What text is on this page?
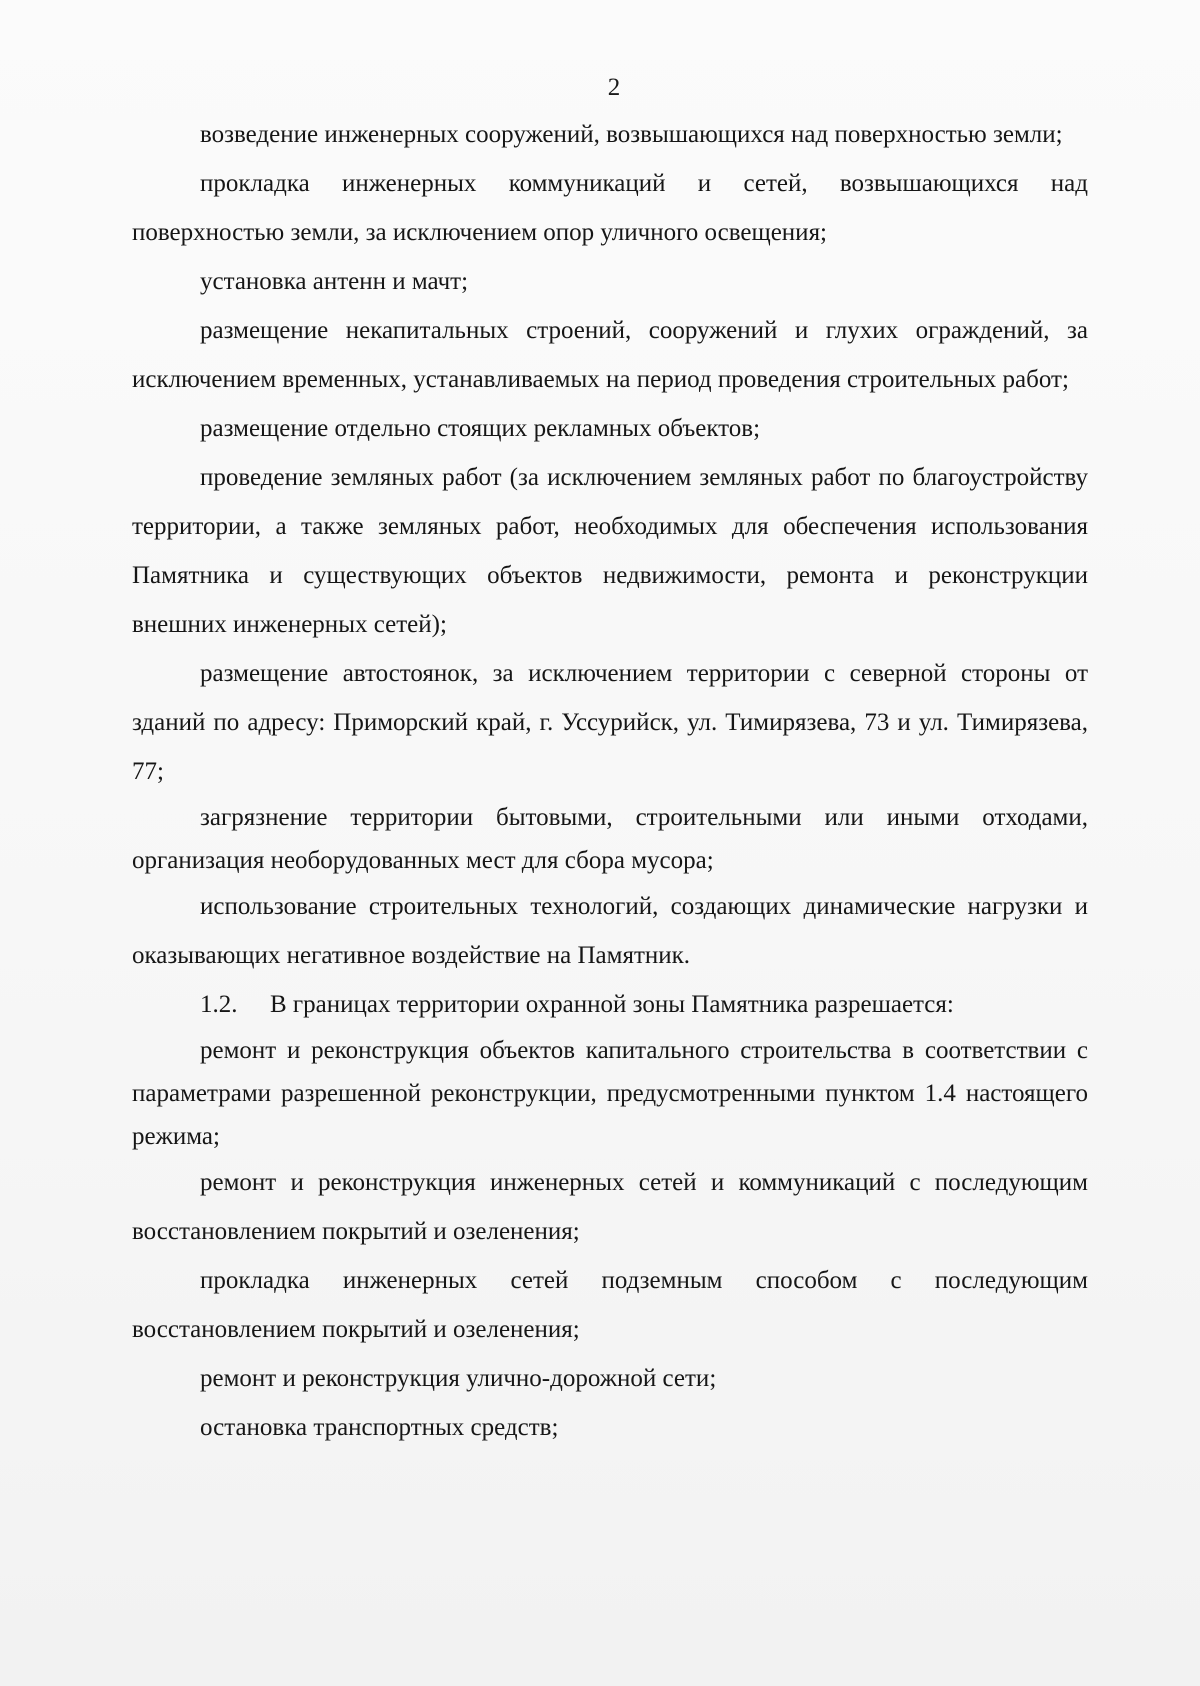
2

возведение инженерных сооружений, возвышающихся над поверхностью земли;

прокладка инженерных коммуникаций и сетей, возвышающихся над поверхностью земли, за исключением опор уличного освещения;

установка антенн и мачт;

размещение некапитальных строений, сооружений и глухих ограждений, за исключением временных, устанавливаемых на период проведения строительных работ;

размещение отдельно стоящих рекламных объектов;

проведение земляных работ (за исключением земляных работ по благоустройству территории, а также земляных работ, необходимых для обеспечения использования Памятника и существующих объектов недвижимости, ремонта и реконструкции внешних инженерных сетей);

размещение автостоянок, за исключением территории с северной стороны от зданий по адресу: Приморский край, г. Уссурийск, ул. Тимирязева, 73 и ул. Тимирязева, 77;

загрязнение территории бытовыми, строительными или иными отходами, организация необорудованных мест для сбора мусора;

использование строительных технологий, создающих динамические нагрузки и оказывающих негативное воздействие на Памятник.

1.2. В границах территории охранной зоны Памятника разрешается:

ремонт и реконструкция объектов капитального строительства в соответствии с параметрами разрешенной реконструкции, предусмотренными пунктом 1.4 настоящего режима;

ремонт и реконструкция инженерных сетей и коммуникаций с последующим восстановлением покрытий и озеленения;

прокладка инженерных сетей подземным способом с последующим восстановлением покрытий и озеленения;

ремонт и реконструкция улично-дорожной сети;

остановка транспортных средств;
